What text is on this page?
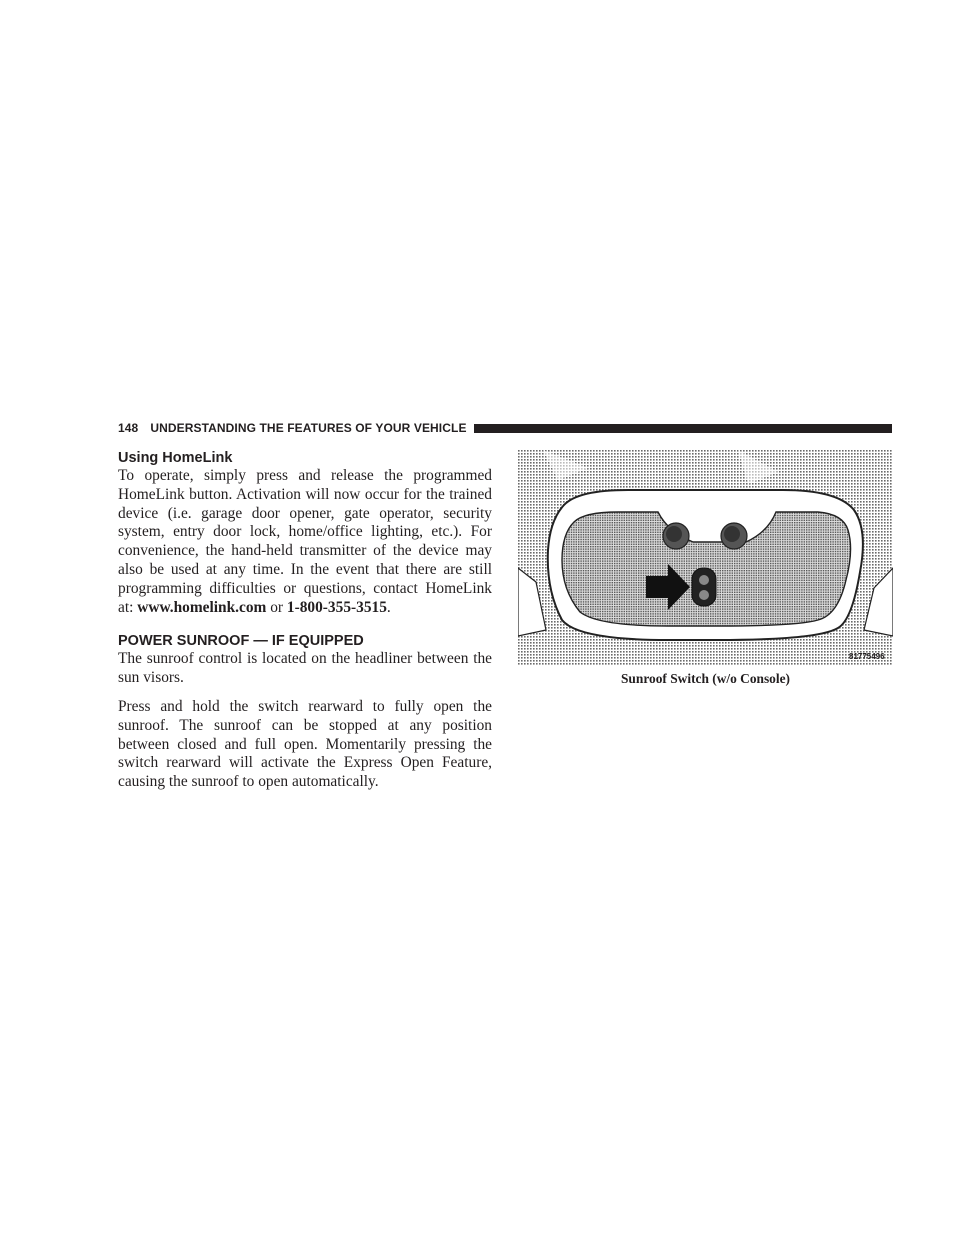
148 UNDERSTANDING THE FEATURES OF YOUR VEHICLE
Using HomeLink

To operate, simply press and release the programmed HomeLink button. Activation will now occur for the trained device (i.e. garage door opener, gate operator, security system, entry door lock, home/office lighting, etc.). For convenience, the hand-held transmitter of the device may also be used at any time. In the event that there are still programming difficulties or questions, contact HomeLink at: www.homelink.com or 1-800-355-3515.

POWER SUNROOF — IF EQUIPPED

The sunroof control is located on the headliner between the sun visors.

Press and hold the switch rearward to fully open the sunroof. The sunroof can be stopped at any position between closed and full open. Momentarily pressing the switch rearward will activate the Express Open Feature, causing the sunroof to open automatically.

81775496
Sunroof Switch (w/o Console)
